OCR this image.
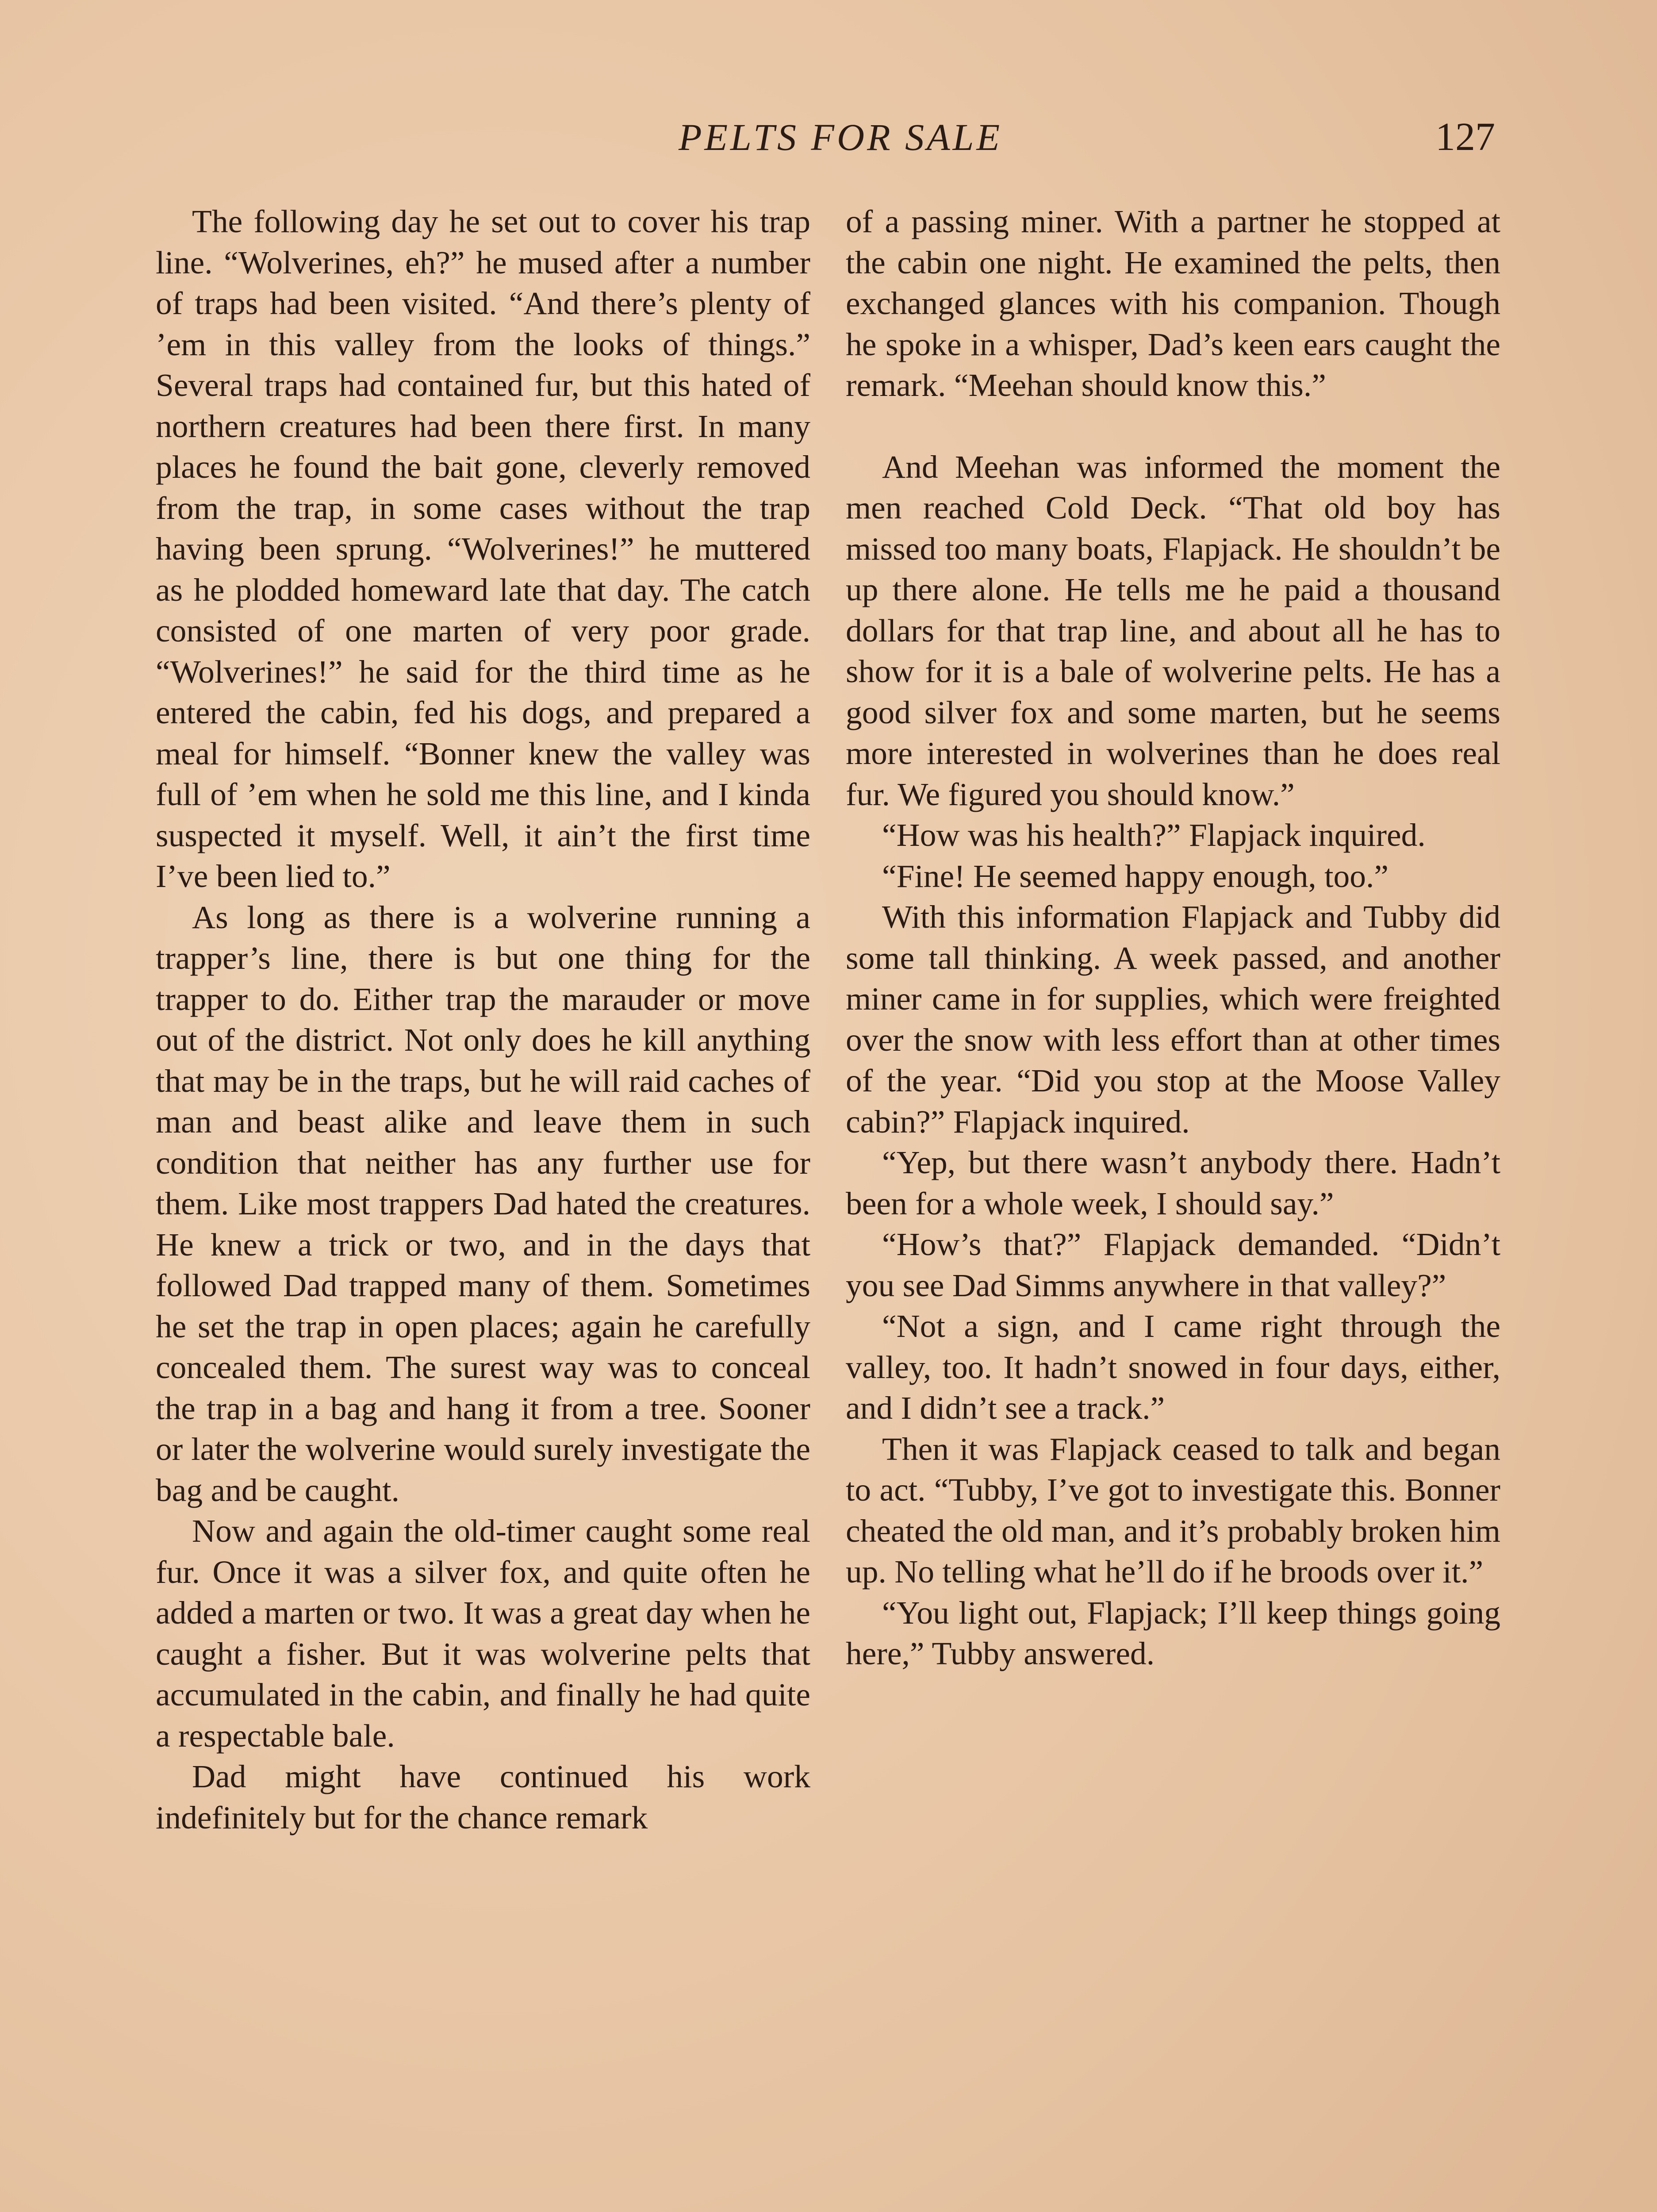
PELTS FOR SALE	127

The following day he set out to cover his trap line. “Wolverines, eh?” he mused after a number of traps had been visited. “And there’s plenty of ’em in this valley from the looks of things.” Several traps had contained fur, but this hated of northern creatures had been there first. In many places he found the bait gone, cleverly removed from the trap, in some cases without the trap having been sprung. “Wolverines!” he muttered as he plodded homeward late that day. The catch consisted of one marten of very poor grade. “Wolverines!” he said for the third time as he entered the cabin, fed his dogs, and prepared a meal for himself. “Bonner knew the valley was full of ’em when he sold me this line, and I kinda suspected it myself. Well, it ain’t the first time I’ve been lied to.”

As long as there is a wolverine running a trapper’s line, there is but one thing for the trapper to do. Either trap the marauder or move out of the district. Not only does he kill anything that may be in the traps, but he will raid caches of man and beast alike and leave them in such condition that neither has any further use for them. Like most trappers Dad hated the creatures. He knew a trick or two, and in the days that followed Dad trapped many of them. Sometimes he set the trap in open places; again he carefully concealed them. The surest way was to conceal the trap in a bag and hang it from a tree. Sooner or later the wolverine would surely investigate the bag and be caught.

Now and again the old-timer caught some real fur. Once it was a silver fox, and quite often he added a marten or two. It was a great day when he caught a fisher. But it was wolverine pelts that accumulated in the cabin, and finally he had quite a respectable bale.

Dad might have continued his work indefinitely but for the chance remark

of a passing miner. With a partner he stopped at the cabin one night. He examined the pelts, then exchanged glances with his companion. Though he spoke in a whisper, Dad’s keen ears caught the remark. “Meehan should know this.”

And Meehan was informed the moment the men reached Cold Deck. “That old boy has missed too many boats, Flapjack. He shouldn’t be up there alone. He tells me he paid a thousand dollars for that trap line, and about all he has to show for it is a bale of wolverine pelts. He has a good silver fox and some marten, but he seems more interested in wolverines than he does real fur. We figured you should know.”

“How was his health?” Flapjack inquired.

“Fine! He seemed happy enough, too.”

With this information Flapjack and Tubby did some tall thinking. A week passed, and another miner came in for supplies, which were freighted over the snow with less effort than at other times of the year. “Did you stop at the Moose Valley cabin?” Flapjack inquired.

“Yep, but there wasn’t anybody there. Hadn’t been for a whole week, I should say.”

“How’s that?” Flapjack demanded. “Didn’t you see Dad Simms anywhere in that valley?”

“Not a sign, and I came right through the valley, too. It hadn’t snowed in four days, either, and I didn’t see a track.”

Then it was Flapjack ceased to talk and began to act. “Tubby, I’ve got to investigate this. Bonner cheated the old man, and it’s probably broken him up. No telling what he’ll do if he broods over it.”

“You light out, Flapjack; I’ll keep things going here,” Tubby answered.
